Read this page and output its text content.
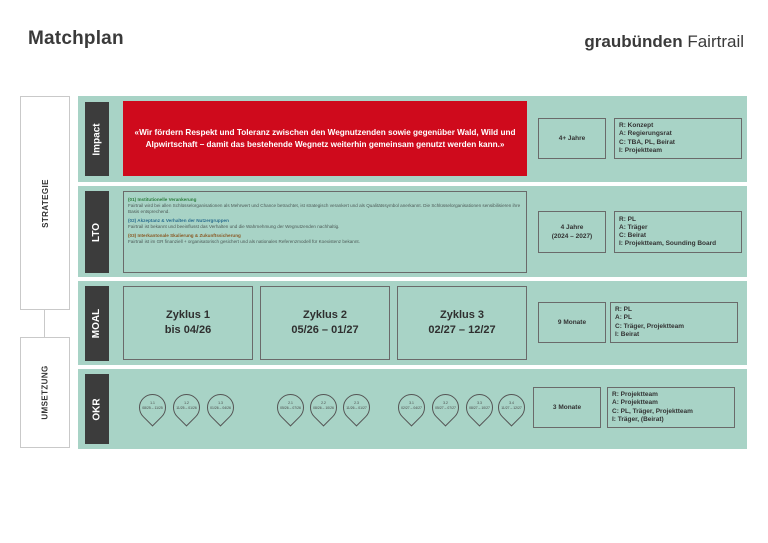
Matchplan	graubünden Fairtrail
STRATEGIE
UMSETZUNG
Impact	«Wir fördern Respekt und Toleranz zwischen den Wegnutzenden sowie gegenüber Wald, Wild und Alpwirtschaft – damit das bestehende Wegnetz weiterhin gemeinsam genutzt werden kann.»
4+ Jahre
R: Konzept
A: Regierungsrat
C: TBA, PL, Beirat
I: Projektteam
LTO
(01) Institutionelle Verankerung
Fairtrail wird bei allen Schlüsselorganisationen als Mehrwert und Chance betrachtet, ist strategisch verankert und als Qualitätssymbol anerkannt. Die Schlüsselorganisationen sensibilisieren ihre Basis entsprechend.
(02) Akzeptanz & Verhalten der Nutzergruppen
Fairtrail ist bekannt und beeinflusst das Verhalten und die Wahrnehmung der Wegnutzenden nachhaltig.
(03) Interkantonale Skalierung & Zukunftssicherung
Fairtrail ist im GR finanziell + organisatorisch gesichert und als nationales Referenzmodell für Koexistenz bekannt.
4 Jahre
(2024 – 2027)
R: PL
A: Träger
C: Beirat
I: Projektteam, Sounding Board
MOAL	Zyklus 1
bis 04/26
Zyklus 2
05/26 – 01/27
Zyklus 3
02/27 – 12/27
9 Monate
R: PL
A: PL
C: Träger, Projektteam
I: Beirat
OKR	1.1
08/25 – 11/25
1.2
11/25 – 01/26
1.3
01/26 – 04/26
2.1
05/26 – 07/26
2.2
08/26 – 10/26
2.3
11/26 – 01/27
3.1
02/27 – 04/27
3.2
05/27 – 07/27
3.3
08/27 – 10/27
3.4
11/27 – 12/27	3 Monate
R: Projektteam
A: Projektteam
C: PL, Träger, Projektteam
I: Träger, (Beirat)
